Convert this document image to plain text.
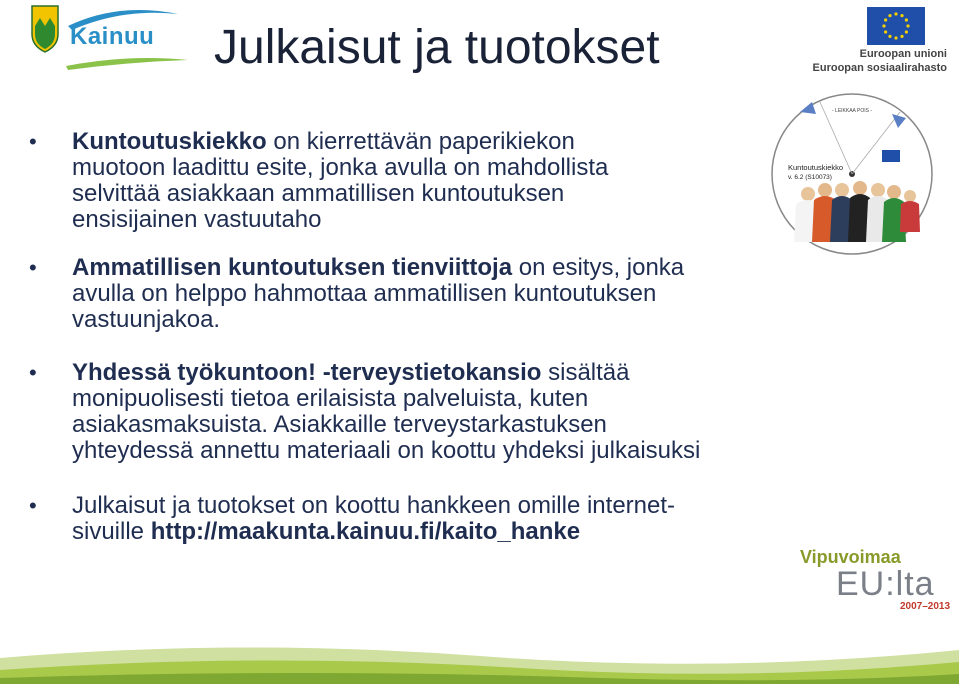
Kainuu Julkaisut ja tuotokset	Euroopan unioni
Euroopan sosiaalirahasto
• Kuntoutuskiekko on kierrettävän paperikiekon
muotoon laadittu esite, jonka avulla on mahdollista
selvittää asiakkaan ammatillisen kuntoutuksen
ensisijainen vastuutaho
• Ammatillisen kuntoutuksen tienviittoja on esitys, jonka
avulla on helppo hahmottaa ammatillisen kuntoutuksen
vastuunjakoa.
• Yhdessä työkuntoon! -terveystietokansio sisältää
monipuolisesti tietoa erilaisista palveluista, kuten
asiakasmaksuista. Asiakkaille terveystarkastuksen
yhteydessä annettu materiaali on koottu yhdeksi julkaisuksi
• Julkaisut ja tuotokset on koottu hankkeen omille internet-
sivuille http://maakunta.kainuu.fi/kaito_hanke
- LEIKKAA POIS -
Kuntoutuskiekko
v. 6.2 (S10073)
Vipuvoimaa
EU:lta
2007–2013
